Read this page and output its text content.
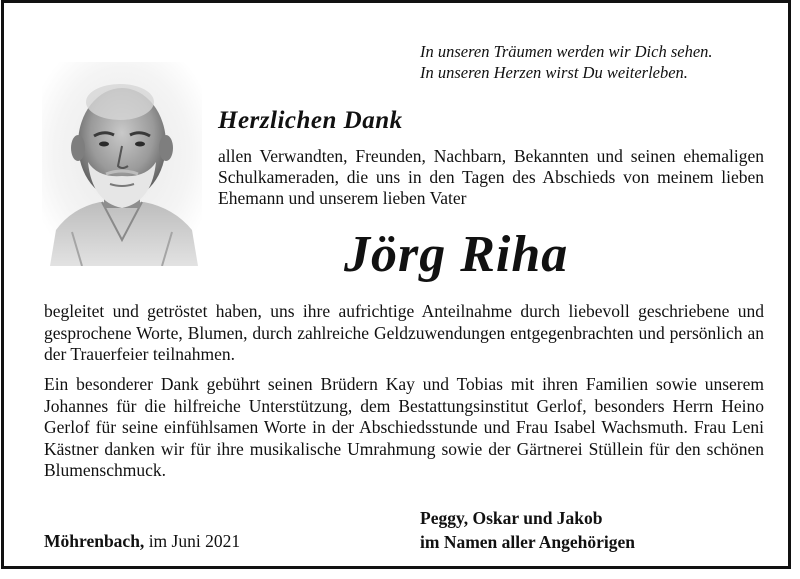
In unseren Träumen werden wir Dich sehen.
In unseren Herzen wirst Du weiterleben.
Herzlichen Dank
allen Verwandten, Freunden, Nachbarn, Bekannten und seinen ehemaligen Schulkameraden, die uns in den Tagen des Abschieds von meinem lieben Ehemann und unserem lieben Vater
Jörg Riha
begleitet und getröstet haben, uns ihre aufrichtige Anteilnahme durch liebevoll geschriebene und gesprochene Worte, Blumen, durch zahlreiche Geldzuwendungen entgegenbrachten und persönlich an der Trauerfeier teilnahmen.
Ein besonderer Dank gebührt seinen Brüdern Kay und Tobias mit ihren Familien sowie unserem Johannes für die hilfreiche Unterstützung, dem Bestattungsinstitut Gerlof, besonders Herrn Heino Gerlof für seine einfühlsamen Worte in der Abschiedsstunde und Frau Isabel Wachsmuth. Frau Leni Kästner danken wir für ihre musikalische Umrahmung sowie der Gärtnerei Stüllein für den schönen Blumenschmuck.
Möhrenbach, im Juni 2021
Peggy, Oskar und Jakob
im Namen aller Angehörigen
